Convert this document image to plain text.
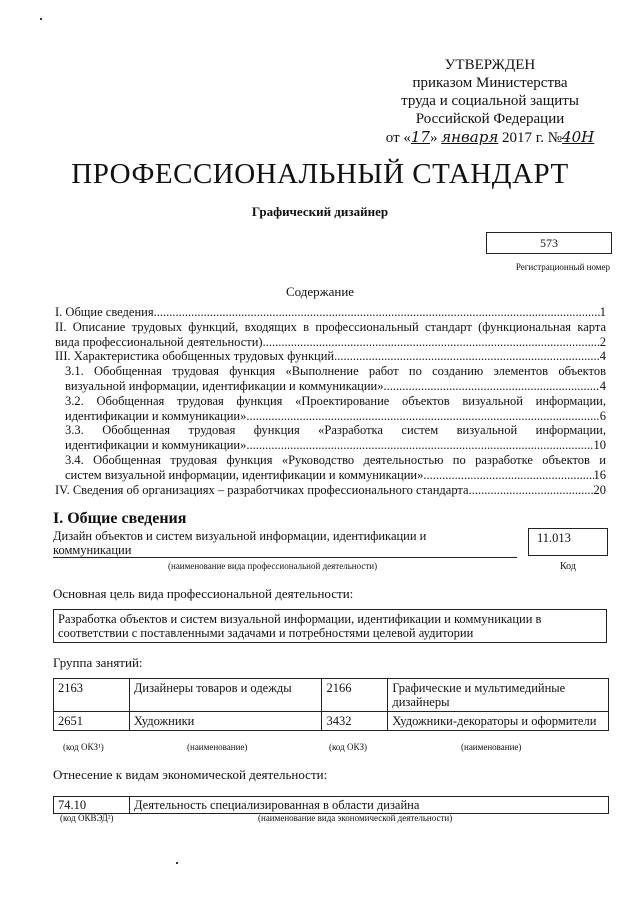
УТВЕРЖДЕН
приказом Министерства
труда и социальной защиты
Российской Федерации
от «17» января 2017 г. №40Н
ПРОФЕССИОНАЛЬНЫЙ СТАНДАРТ
Графический дизайнер
573
Регистрационный номер
Содержание
I. Общие сведения .....	1
II. Описание трудовых функций, входящих в профессиональный стандарт (функциональная карта
вида профессиональной деятельности) .....	2
III. Характеристика обобщенных трудовых функций .....	4
3.1. Обобщенная трудовая функция «Выполнение работ по созданию элементов объектов
визуальной информации, идентификации и коммуникации» .....	4
3.2. Обобщенная трудовая функция «Проектирование объектов визуальной информации,
идентификации и коммуникации» .....	6
3.3. Обобщенная трудовая функция «Разработка систем визуальной информации,
идентификации и коммуникации» .....	10
3.4. Обобщенная трудовая функция «Руководство деятельностью по разработке объектов и
систем визуальной информации, идентификации и коммуникации» .....	16
IV. Сведения об организациях – разработчиках профессионального стандарта .....	20
I. Общие сведения
Дизайн объектов и систем визуальной информации, идентификации и коммуникации
11.013
(наименование вида профессиональной деятельности)	Код
Основная цель вида профессиональной деятельности:
Разработка объектов и систем визуальной информации, идентификации и коммуникации в соответствии с поставленными задачами и потребностями целевой аудитории
Группа занятий:
2163	Дизайнеры товаров и одежды	2166	Графические и мультимедийные дизайнеры
2651	Художники	3432	Художники-декораторы и оформители
(код ОКЗ¹)	(наименование)	(код ОКЗ)	(наименование)
Отнесение к видам экономической деятельности:
74.10	Деятельность специализированная в области дизайна
(код ОКВЭД²)	(наименование вида экономической деятельности)
